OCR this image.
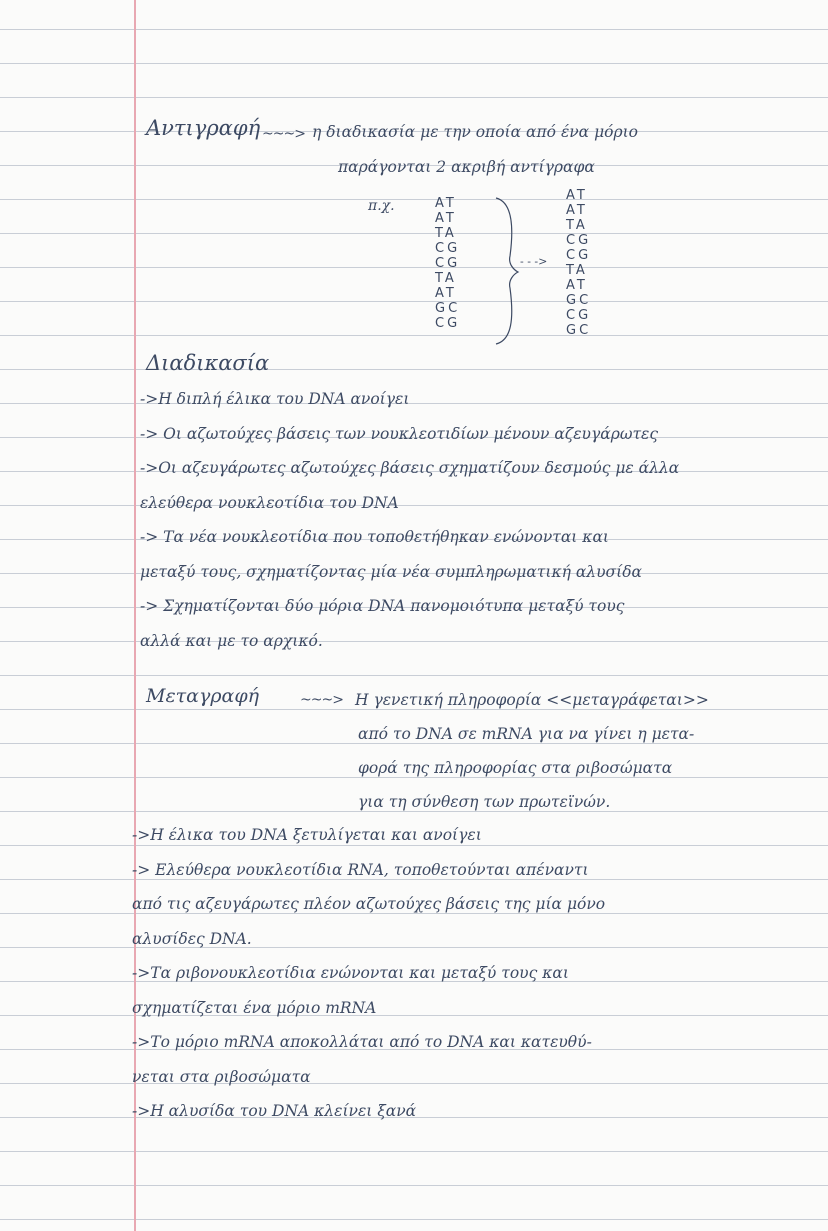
Αντιγραφή ~~~> η διαδικασία με την οποία από ένα μόριο
παράγονται 2 ακριβή αντίγραφα
π.χ.	AT
AT
TA
CG
CG
TA
AT
GC
CG
- - ->
AT
AT
TA
CG
CG
TA
AT
GC
CG
GC
Διαδικασία
->Η διπλή έλικα του DNA ανοίγει
-> Οι αζωτούχες βάσεις των νουκλεοτιδίων μένουν αζευγάρωτες
->Οι αζευγάρωτες αζωτούχες βάσεις σχηματίζουν δεσμούς με άλλα
ελεύθερα νουκλεοτίδια του DNA
-> Τα νέα νουκλεοτίδια που τοποθετήθηκαν ενώνονται και
μεταξύ τους, σχηματίζοντας μία νέα συμπληρωματική αλυσίδα
-> Σχηματίζονται δύο μόρια DNA πανομοιότυπα μεταξύ τους
αλλά και με το αρχικό.
Μεταγραφή	~~~> Η γενετική πληροφορία <<μεταγράφεται>>
από το DNA σε mRNA για να γίνει η μετα-
φορά της πληροφορίας στα ριβοσώματα
για τη σύνθεση των πρωτεϊνών.
->Η έλικα του DNA ξετυλίγεται και ανοίγει
-> Ελεύθερα νουκλεοτίδια RNA, τοποθετούνται απέναντι
από τις αζευγάρωτες πλέον αζωτούχες βάσεις της μία μόνο
αλυσίδες DNA.
->Τα ριβονουκλεοτίδια ενώνονται και μεταξύ τους και
σχηματίζεται ένα μόριο mRNA
->Το μόριο mRNA αποκολλάται από το DNA και κατευθύ-
νεται στα ριβοσώματα
->Η αλυσίδα του DNA κλείνει ξανά
